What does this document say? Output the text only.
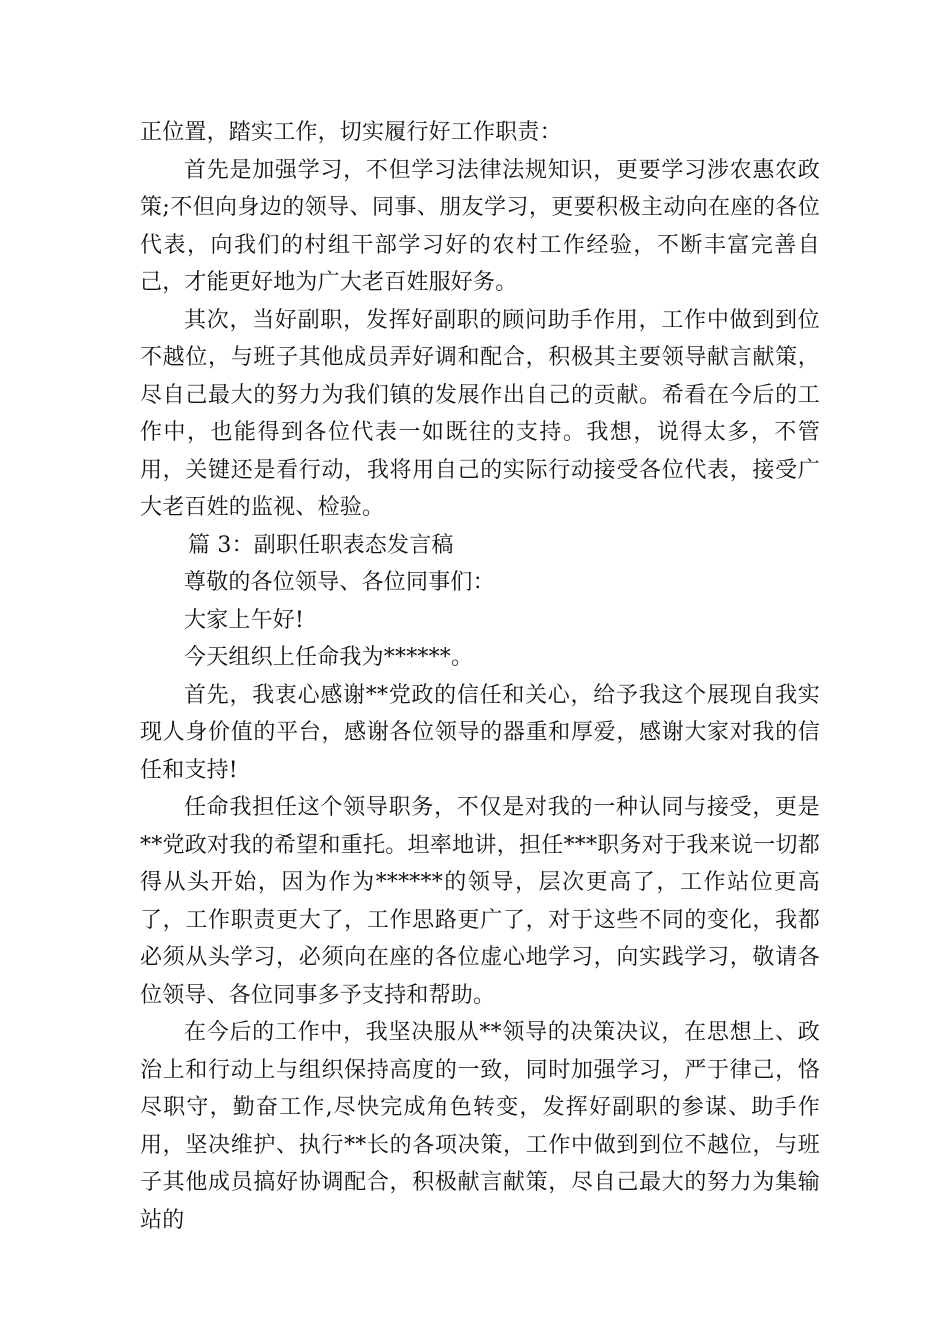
正位置，踏实工作，切实履行好工作职责：

首先是加强学习，不但学习法律法规知识，更要学习涉农惠农政策;不但向身边的领导、同事、朋友学习，更要积极主动向在座的各位代表，向我们的村组干部学习好的农村工作经验，不断丰富完善自己，才能更好地为广大老百姓服好务。

其次，当好副职，发挥好副职的顾问助手作用，工作中做到到位不越位，与班子其他成员弄好调和配合，积极其主要领导献言献策，尽自己最大的努力为我们镇的发展作出自己的贡献。希看在今后的工作中，也能得到各位代表一如既往的支持。我想，说得太多，不管用，关键还是看行动，我将用自己的实际行动接受各位代表，接受广大老百姓的监视、检验。

篇 3：副职任职表态发言稿

尊敬的各位领导、各位同事们：

大家上午好!

今天组织上任命我为******。

首先，我衷心感谢**党政的信任和关心，给予我这个展现自我实现人身价值的平台，感谢各位领导的器重和厚爱，感谢大家对我的信任和支持!

任命我担任这个领导职务，不仅是对我的一种认同与接受，更是**党政对我的希望和重托。坦率地讲，担任***职务对于我来说一切都得从头开始，因为作为******的领导，层次更高了，工作站位更高了，工作职责更大了，工作思路更广了，对于这些不同的变化，我都必须从头学习，必须向在座的各位虚心地学习，向实践学习，敬请各位领导、各位同事多予支持和帮助。

在今后的工作中，我坚决服从**领导的决策决议，在思想上、政治上和行动上与组织保持高度的一致，同时加强学习，严于律己，恪尽职守，勤奋工作,尽快完成角色转变，发挥好副职的参谋、助手作用，坚决维护、执行**长的各项决策，工作中做到到位不越位，与班子其他成员搞好协调配合，积极献言献策，尽自己最大的努力为集输站的
